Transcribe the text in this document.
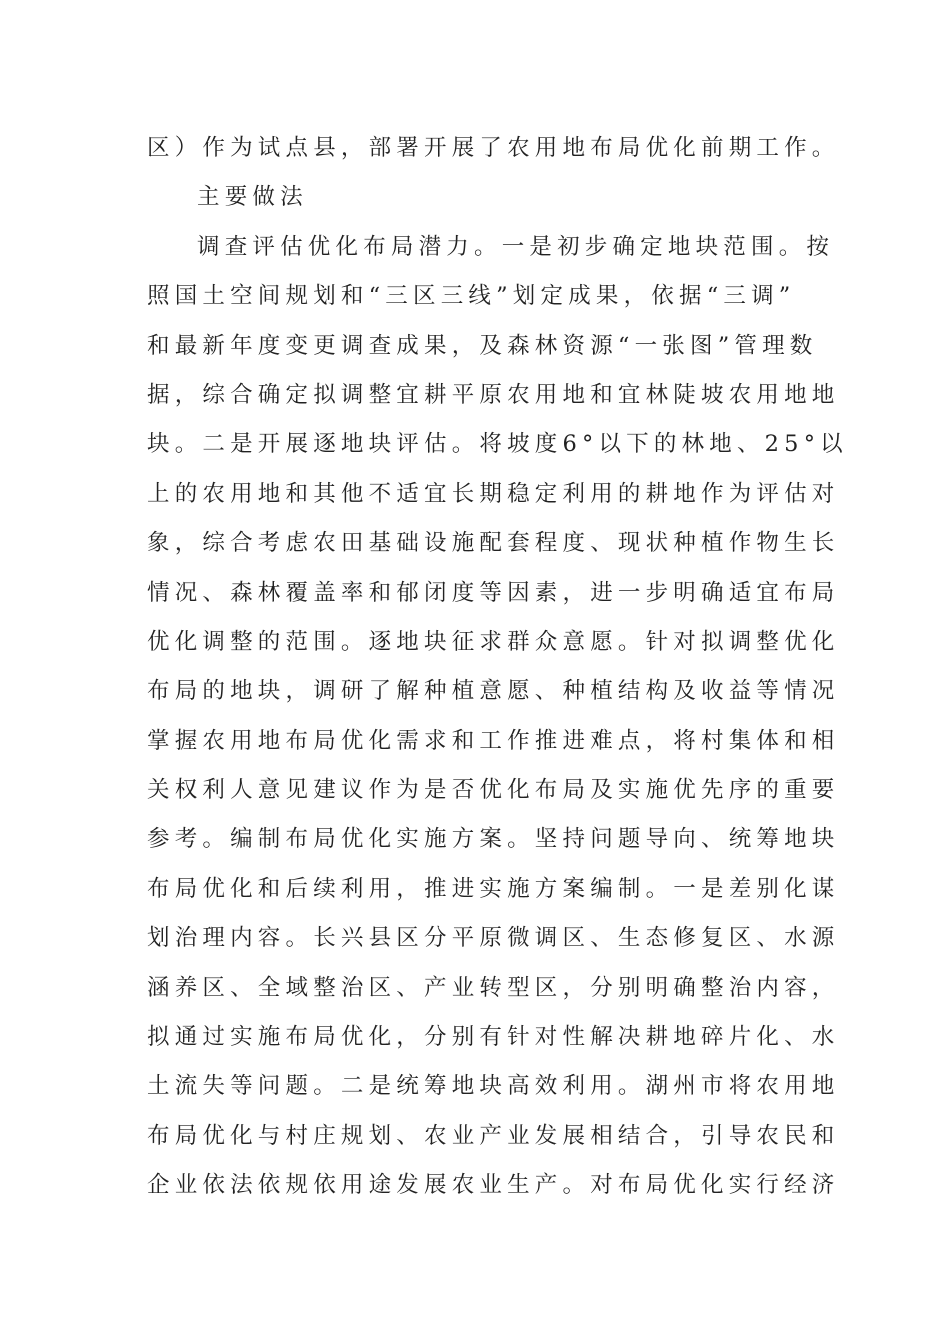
区）作为试点县，部署开展了农用地布局优化前期工作。
主要做法
调查评估优化布局潜力。一是初步确定地块范围。按
照国土空间规划和“三区三线”划定成果，依据“三调”
和最新年度变更调查成果，及森林资源“一张图”管理数
据，综合确定拟调整宜耕平原农用地和宜林陡坡农用地地
块。二是开展逐地块评估。将坡度6°以下的林地、25°以
上的农用地和其他不适宜长期稳定利用的耕地作为评估对
象，综合考虑农田基础设施配套程度、现状种植作物生长
情况、森林覆盖率和郁闭度等因素，进一步明确适宜布局
优化调整的范围。逐地块征求群众意愿。针对拟调整优化
布局的地块，调研了解种植意愿、种植结构及收益等情况
掌握农用地布局优化需求和工作推进难点，将村集体和相
关权利人意见建议作为是否优化布局及实施优先序的重要
参考。编制布局优化实施方案。坚持问题导向、统筹地块
布局优化和后续利用，推进实施方案编制。一是差别化谋
划治理内容。长兴县区分平原微调区、生态修复区、水源
涵养区、全域整治区、产业转型区，分别明确整治内容，
拟通过实施布局优化，分别有针对性解决耕地碎片化、水
土流失等问题。二是统筹地块高效利用。湖州市将农用地
布局优化与村庄规划、农业产业发展相结合，引导农民和
企业依法依规依用途发展农业生产。对布局优化实行经济
